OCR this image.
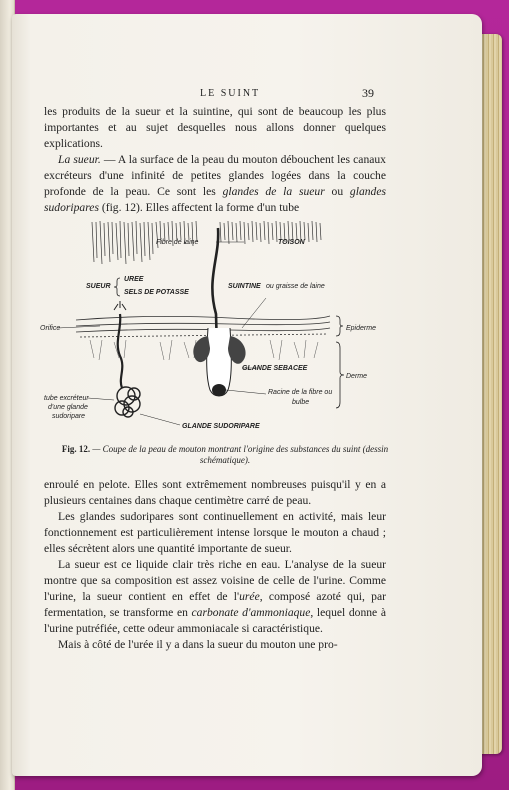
LE SUINT	39

les produits de la sueur et la suintine, qui sont de beaucoup les plus importantes et au sujet desquelles nous allons donner quelques explications.

La sueur. — A la surface de la peau du mouton débouchent les canaux excréteurs d'une infinité de petites glandes logées dans la couche profonde de la peau. Ce sont les glandes de la sueur ou glandes sudoripares (fig. 12). Elles affectent la forme d'un tube

Fibre de laine	TOISON
UREE
SUEUR
SELS DE POTASSE
SUINTINE ou graisse de laine
Orifice	Epiderme
GLANDE SEBACEE
Derme
Racine de la fibre ou
bulbe
tube excréteur
d'une glande
sudoripare
GLANDE SUDORIPARE
Fig. 12. — Coupe de la peau de mouton montrant l'origine des substances du suint (dessin schématique).

enroulé en pelote. Elles sont extrêmement nombreuses puisqu'il y en a plusieurs centaines dans chaque centimètre carré de peau.

Les glandes sudoripares sont continuellement en activité, mais leur fonctionnement est particulièrement intense lorsque le mouton a chaud ; elles sécrètent alors une quantité importante de sueur.

La sueur est ce liquide clair très riche en eau. L'analyse de la sueur montre que sa composition est assez voisine de celle de l'urine. Comme l'urine, la sueur contient en effet de l'urée, composé azoté qui, par fermentation, se transforme en carbonate d'ammoniaque, lequel donne à l'urine putréfiée, cette odeur ammoniacale si caractéristique.

Mais à côté de l'urée il y a dans la sueur du mouton une pro-
